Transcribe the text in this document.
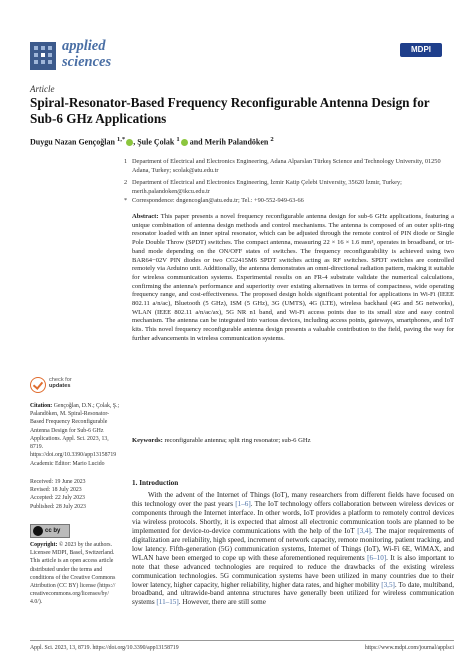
applied
sciences
MDPI
Article
Spiral-Resonator-Based Frequency Reconfigurable Antenna Design for Sub-6 GHz Applications
Duygu Nazan Gençoğlan $^{1,*}$ , Şule Çolak $^1$ and Merih Palandöken $^2$
1 Department of Electrical and Electronics Engineering, Adana Alparslan Türkeş Science and Technology University, 01250 Adana, Turkey; scolak@atu.edu.tr
2 Department of Electrical and Electronics Engineering, İzmir Katip Çelebi University, 35620 İzmir, Turkey; merih.palandoken@ikcu.edu.tr
* Correspondence: dngencoglan@atu.edu.tr; Tel.: +90-552-949-63-66
Abstract: This paper presents a novel frequency reconfigurable antenna design for sub-6 GHz applications, featuring a unique combination of antenna design methods and control mechanisms. The antenna is composed of an outer split-ring resonator loaded with an inner spiral resonator, which can be adjusted through the remote control of PIN diode or Single Pole Double Throw (SPDT) switches. The compact antenna, measuring 22 × 16 × 1.6 mm³, operates in broadband, or tri-band mode depending on the ON/OFF states of switches. The frequency reconfigurability is achieved using two BAR64−02V PIN diodes or two CG2415M6 SPDT switches acting as RF switches. SPDT switches are controlled remotely via Arduino unit. Additionally, the antenna demonstrates an omni-directional radiation pattern, making it suitable for wireless communication systems. Experimental results on an FR-4 substrate validate the numerical calculations, confirming the antenna's performance and superiority over existing alternatives in terms of compactness, wide operating frequency range, and cost-effectiveness. The proposed design holds significant potential for applications in Wi-Fi (IEEE 802.11 a/n/ac), Bluetooth (5 GHz), ISM (5 GHz), 3G (UMTS), 4G (LTE), wireless backhaul (4G and 5G networks), WLAN (IEEE 802.11 a/n/ac/ax), 5G NR n1 band, and Wi-Fi access points due to its small size and easy control mechanism. The antenna can be integrated into various devices, including access points, gateways, smartphones, and IoT kits. This novel frequency reconfigurable antenna design presents a valuable contribution to the field, paving the way for further advancements in wireless communication systems.
Keywords: reconfigurable antenna; split ring resonator; sub-6 GHz
check for
updates
Citation: Gençoğlan, D.N.; Çolak, Ş.; Palandöken, M. Spiral-Resonator-Based Frequency Reconfigurable Antenna Design for Sub-6 GHz Applications. Appl. Sci. 2023, 13, 8719. https://doi.org/10.3390/app13158719
Academic Editor: Mario Lucido
Received: 19 June 2023
Revised: 18 July 2023
Accepted: 22 July 2023
Published: 28 July 2023
cc by
Copyright: © 2023 by the authors. Licensee MDPI, Basel, Switzerland. This article is an open access article distributed under the terms and conditions of the Creative Commons Attribution (CC BY) license (https:// creativecommons.org/licenses/by/ 4.0/).
1. Introduction
With the advent of the Internet of Things (IoT), many researchers from different fields have focused on this technology over the past years [1–6]. The IoT technology offers collaboration between wireless devices or components through the Internet interface. In other words, IoT provides a platform to remotely control devices via wireless protocols. Shortly, it is expected that almost all electronic communication tools are planned to be implemented for device-to-device communications with the help of the IoT [3,4]. The major requirements of digitalization are reliability, high speed, increment of network capacity, remote monitoring, patient tracking, and low latency. Fifth-generation (5G) communication systems, Internet of Things (IoT), Wi-Fi 6E, WiMAX, and WLAN have been emerged to cope up with these aforementioned requirements [6–10]. It is also important to note that these advanced technologies are required to reduce the drawbacks of the existing wireless communication technologies. 5G communication systems have been utilized in many countries due to their lower latency, higher capacity, higher reliability, higher data rates, and higher mobility [3,5]. To date, multiband, broadband, and ultrawide-band antenna structures have generally been utilized for wireless communication systems [11–15]. However, there are still some
Appl. Sci. 2023, 13, 8719. https://doi.org/10.3390/app13158719	https://www.mdpi.com/journal/applsci
